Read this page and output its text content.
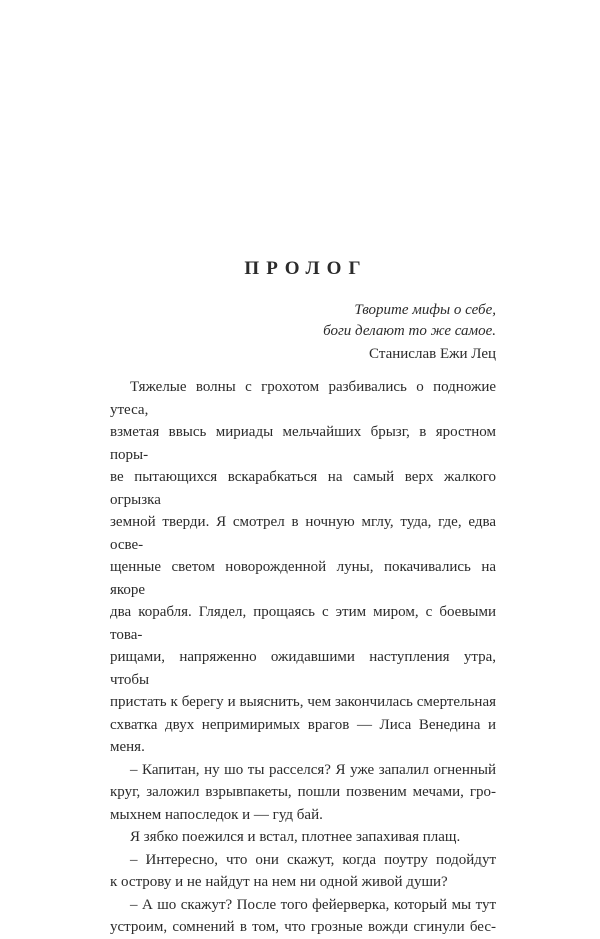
ПРОЛОГ
Творите мифы о себе,
боги делают то же самое.
Станислав Ежи Лец

Тяжелые волны с грохотом разбивались о подножие утеса,

взметая ввысь мириады мельчайших брызг, в яростном поры-

ве пытающихся вскарабкаться на самый верх жалкого огрызка

земной тверди. Я смотрел в ночную мглу, туда, где, едва осве-

щенные светом новорожденной луны, покачивались на якоре

два корабля. Глядел, прощаясь с этим миром, с боевыми това-

рищами, напряженно ожидавшими наступления утра, чтобы

пристать к берегу и выяснить, чем закончилась смертельная

схватка двух непримиримых врагов — Лиса Венедина и меня.

– Капитан, ну шо ты расселся? Я уже запалил огненный

круг, заложил взрывпакеты, пошли позвеним мечами, гро-

мыхнем напоследок и — гуд бай.

Я зябко поежился и встал, плотнее запахивая плащ.

– Интересно, что они скажут, когда поутру подойдут

к острову и не найдут на нем ни одной живой души?

– А шо скажут? После того фейерверка, который мы тут

устроим, сомнений в том, что грозные вожди сгинули бес-
